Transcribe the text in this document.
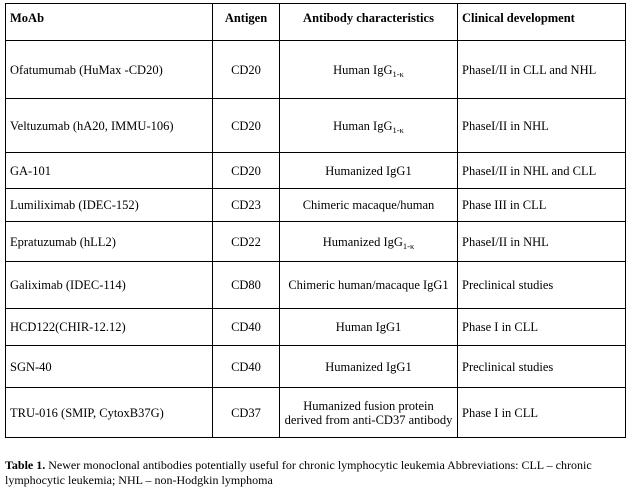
MoAb	Antigen	Antibody characteristics	Clinical development
Ofatumumab (HuMax -CD20)	CD20	Human IgG$_{1-\kappa}$	PhaseI/II in CLL and NHL
Veltuzumab (hA20, IMMU-106)	CD20	Human IgG$_{1-\kappa}$	PhaseI/II in NHL
GA-101	CD20	Humanized IgG1	PhaseI/II in NHL and CLL
Lumiliximab (IDEC-152)	CD23	Chimeric macaque/human	Phase III in CLL
Epratuzumab (hLL2)	CD22	Humanized IgG$_{1-\kappa}$	PhaseI/II in NHL
Galiximab (IDEC-114)	CD80	Chimeric human/macaque IgG1	Preclinical studies
HCD122(CHIR-12.12)	CD40	Human IgG1	Phase I in CLL
SGN-40	CD40	Humanized IgG1	Preclinical studies
TRU-016 (SMIP, CytoxB37G)	CD37	Humanized fusion protein derived from anti-CD37 antibody	Phase I in CLL
Table 1. Newer monoclonal antibodies potentially useful for chronic lymphocytic leukemia Abbreviations: CLL – chronic lymphocytic leukemia; NHL – non-Hodgkin lymphoma
